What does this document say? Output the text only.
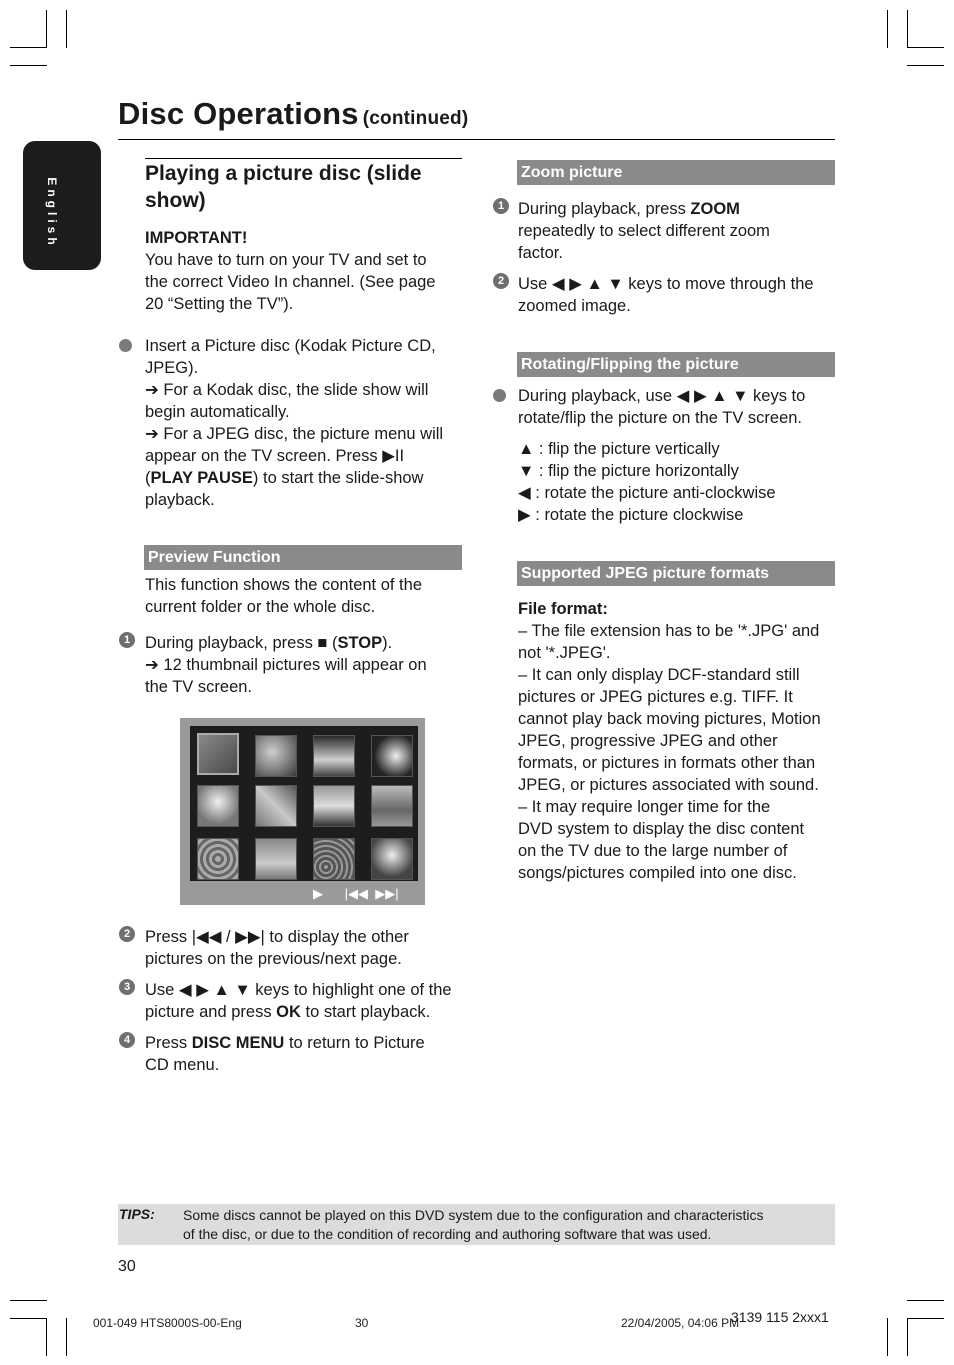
Disc Operations (continued)
English
Playing a picture disc (slide
show)
IMPORTANT!
You have to turn on your TV and set to
the correct Video In channel. (See page
20 “Setting the TV”).
Insert a Picture disc (Kodak Picture CD,
JPEG).
➔ For a Kodak disc, the slide show will
begin automatically.
➔ For a JPEG disc, the picture menu will
appear on the TV screen. Press ▶II
(PLAY PAUSE) to start the slide-show
playback.
Preview Function
This function shows the content of the
current folder or the whole disc.
1 During playback, press ■ (STOP).
➔ 12 thumbnail pictures will appear on
the TV screen.
▶      |◀◀  ▶▶|
2 Press |◀◀ / ▶▶| to display the other
pictures on the previous/next page.
3 Use ◀ ▶ ▲ ▼ keys to highlight one of the
picture and press OK to start playback.
4 Press DISC MENU to return to Picture
CD menu.
Zoom picture
1 During playback, press ZOOM
repeatedly to select different zoom
factor.
2 Use ◀ ▶ ▲ ▼ keys to move through the
zoomed image.
Rotating/Flipping the picture
During playback, use ◀ ▶ ▲ ▼ keys to
rotate/flip the picture on the TV screen.
▲ : flip the picture vertically
▼ : flip the picture horizontally
◀ : rotate the picture anti-clockwise
▶ : rotate the picture clockwise
Supported JPEG picture formats
File format:
– The file extension has to be '*.JPG' and
not '*.JPEG'.
– It can only display DCF-standard still
pictures or JPEG pictures e.g. TIFF. It
cannot play back moving pictures, Motion
JPEG, progressive JPEG and other
formats, or pictures in formats other than
JPEG, or pictures associated with sound.
– It may require longer time for the
DVD system to display the disc content
on the TV due to the large number of
songs/pictures compiled into one disc.
TIPS: Some discs cannot be played on this DVD system due to the configuration and characteristics
of the disc, or due to the condition of recording and authoring software that was used.
30
001-049 HTS8000S-00-Eng	30	22/04/2005, 04:06 PM
3139 115 2xxx1
